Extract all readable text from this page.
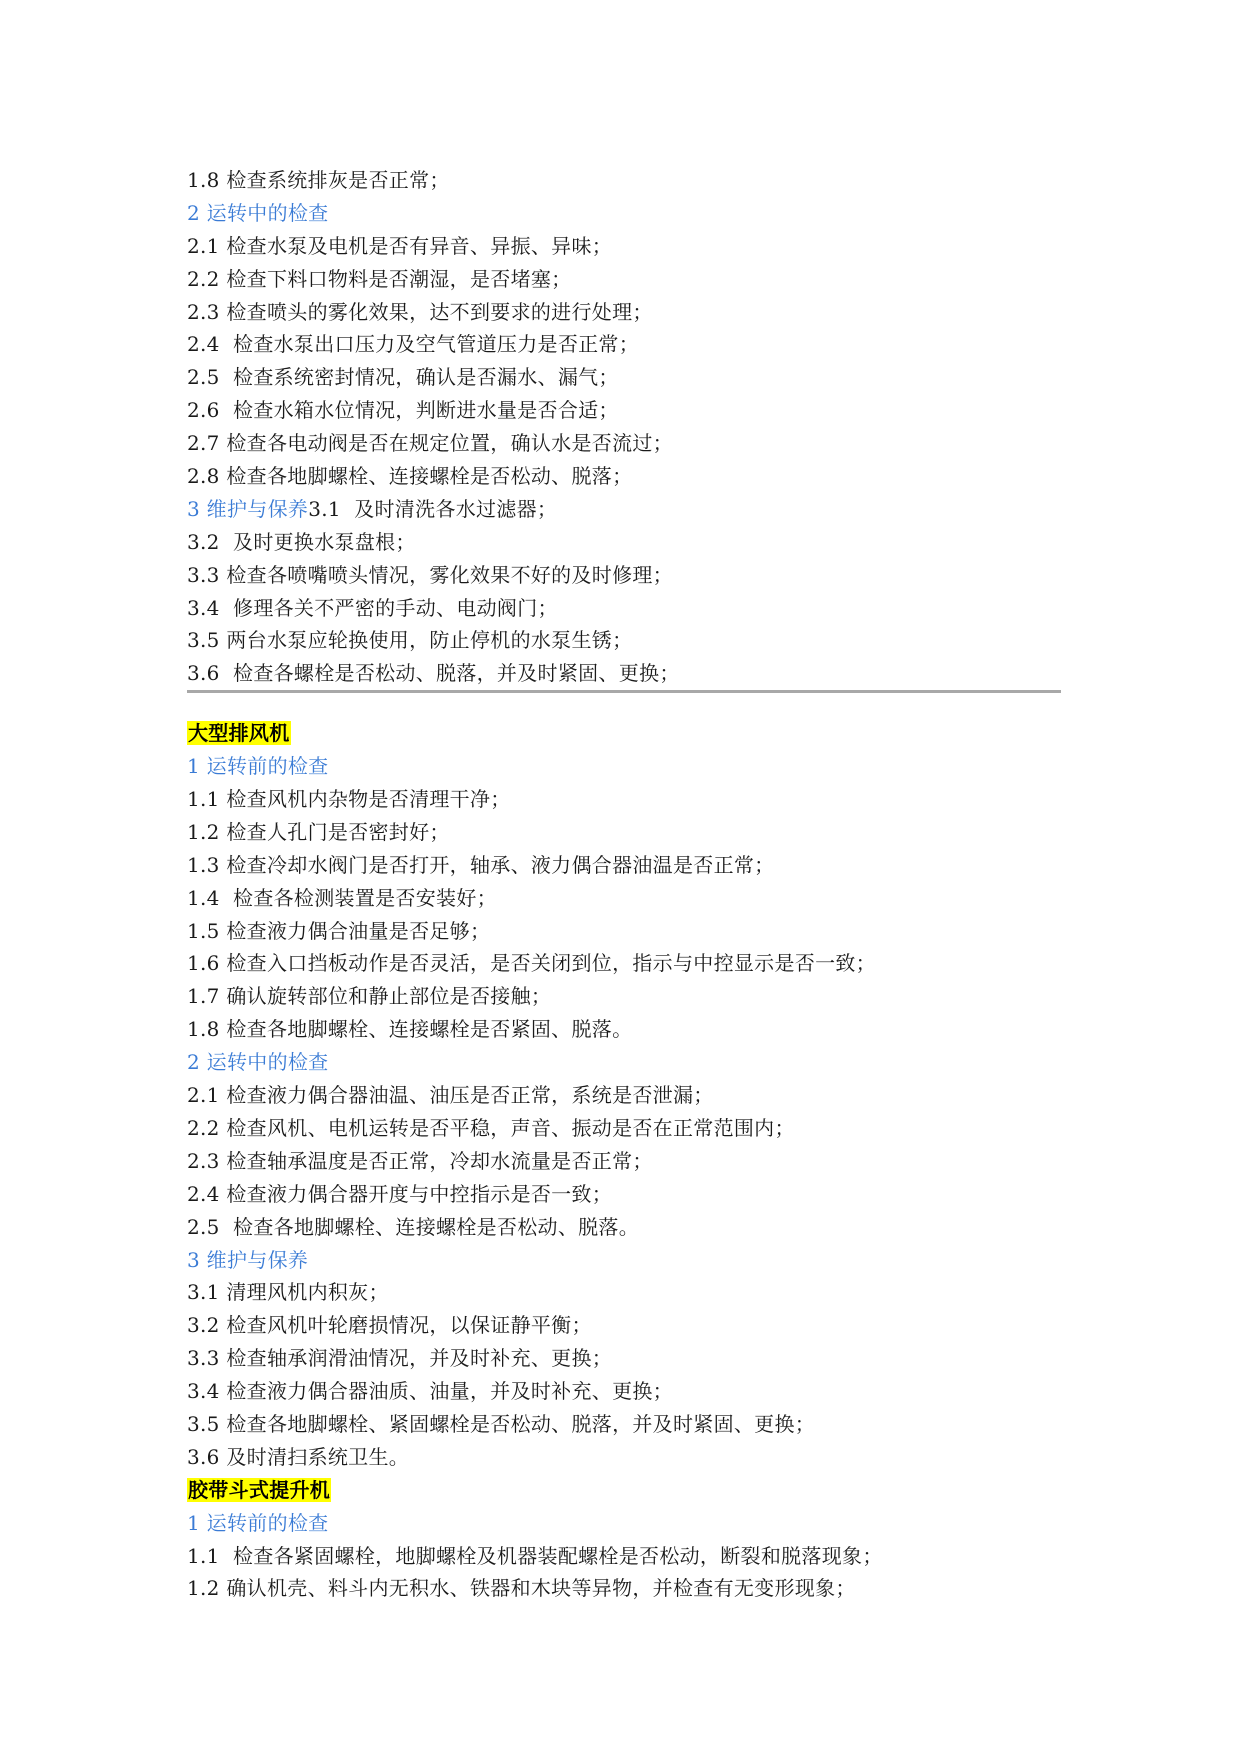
1.8 检查系统排灰是否正常；
2 运转中的检查
2.1 检查水泵及电机是否有异音、异振、异味；
2.2 检查下料口物料是否潮湿，是否堵塞；
2.3 检查喷头的雾化效果，达不到要求的进行处理；
2.4  检查水泵出口压力及空气管道压力是否正常；
2.5  检查系统密封情况，确认是否漏水、漏气；
2.6  检查水箱水位情况，判断进水量是否合适；
2.7 检查各电动阀是否在规定位置，确认水是否流过；
2.8 检查各地脚螺栓、连接螺栓是否松动、脱落；
3 维护与保养3.1  及时清洗各水过滤器；
3.2  及时更换水泵盘根；
3.3 检查各喷嘴喷头情况，雾化效果不好的及时修理；
3.4  修理各关不严密的手动、电动阀门；
3.5 两台水泵应轮换使用，防止停机的水泵生锈；
3.6  检查各螺栓是否松动、脱落，并及时紧固、更换；
大型排风机
1 运转前的检查
1.1 检查风机内杂物是否清理干净；
1.2 检查人孔门是否密封好；
1.3 检查冷却水阀门是否打开，轴承、液力偶合器油温是否正常；
1.4  检查各检测装置是否安装好；
1.5 检查液力偶合油量是否足够；
1.6 检查入口挡板动作是否灵活，是否关闭到位，指示与中控显示是否一致；
1.7 确认旋转部位和静止部位是否接触；
1.8 检查各地脚螺栓、连接螺栓是否紧固、脱落。
2 运转中的检查
2.1 检查液力偶合器油温、油压是否正常，系统是否泄漏；
2.2 检查风机、电机运转是否平稳，声音、振动是否在正常范围内；
2.3 检查轴承温度是否正常，冷却水流量是否正常；
2.4 检查液力偶合器开度与中控指示是否一致；
2.5  检查各地脚螺栓、连接螺栓是否松动、脱落。
3 维护与保养
3.1 清理风机内积灰；
3.2 检查风机叶轮磨损情况，以保证静平衡；
3.3 检查轴承润滑油情况，并及时补充、更换；
3.4 检查液力偶合器油质、油量，并及时补充、更换；
3.5 检查各地脚螺栓、紧固螺栓是否松动、脱落，并及时紧固、更换；
3.6 及时清扫系统卫生。
胶带斗式提升机
1 运转前的检查
1.1  检查各紧固螺栓，地脚螺栓及机器装配螺栓是否松动，断裂和脱落现象；
1.2 确认机壳、料斗内无积水、铁器和木块等异物，并检查有无变形现象；
